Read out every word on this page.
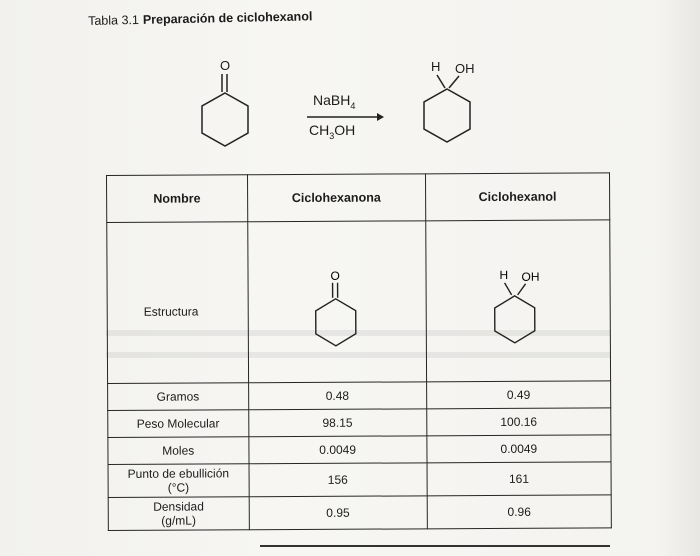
Tabla 3.1 Preparación de ciclohexanol
O
NaBH$_4$
$CH_3OH$
H OH
Nombre	Ciclohexanona	Ciclohexanol
Estructura	O	H OH

Gramos	0.48	0.49
Peso Molecular	98.15	100.16
Moles	0.0049	0.0049

Punto de ebullición
(°C)	156	161

Densidad
(g/mL)	0.95	0.96
